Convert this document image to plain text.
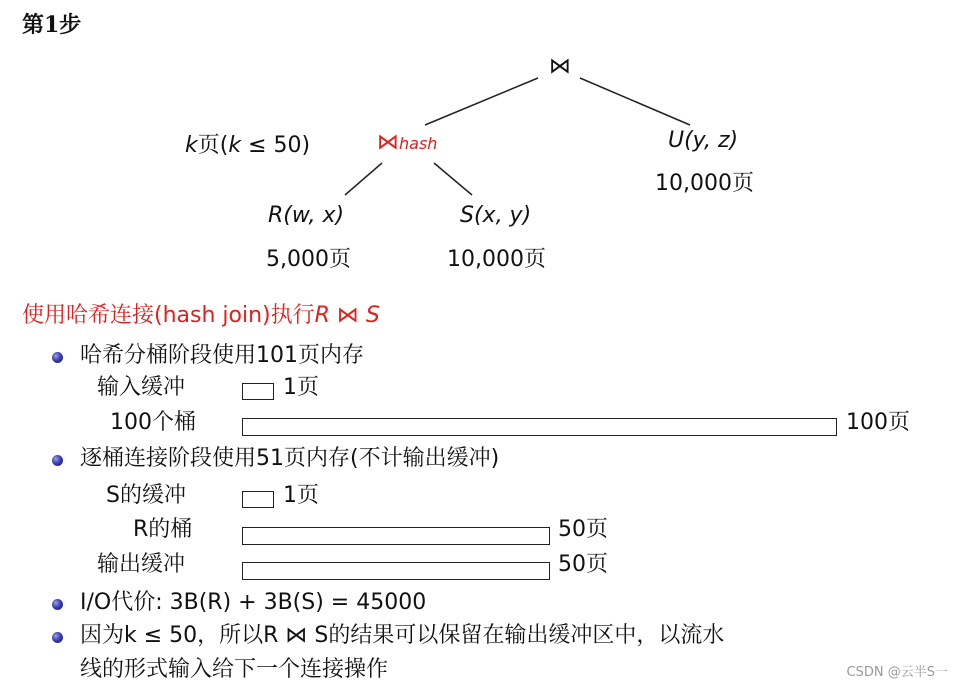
第1步
⋈
k页(k ≤ 50)	⋈hash	U(y, z)
10,000页
R(w, x)
5,000页
S(x, y)
10,000页
使用哈希连接(hash join)执行R ⋈ S
哈希分桶阶段使用101页内存
输入缓冲	1页
100个桶	100页
逐桶连接阶段使用51页内存(不计输出缓冲)
S的缓冲	1页
R的桶	50页
输出缓冲	50页
I/O代价: 3B(R) + 3B(S) = 45000
因为k ≤ 50，所以R ⋈ S的结果可以保留在输出缓冲区中，以流水
线的形式输入给下一个连接操作	CSDN @云半S一
